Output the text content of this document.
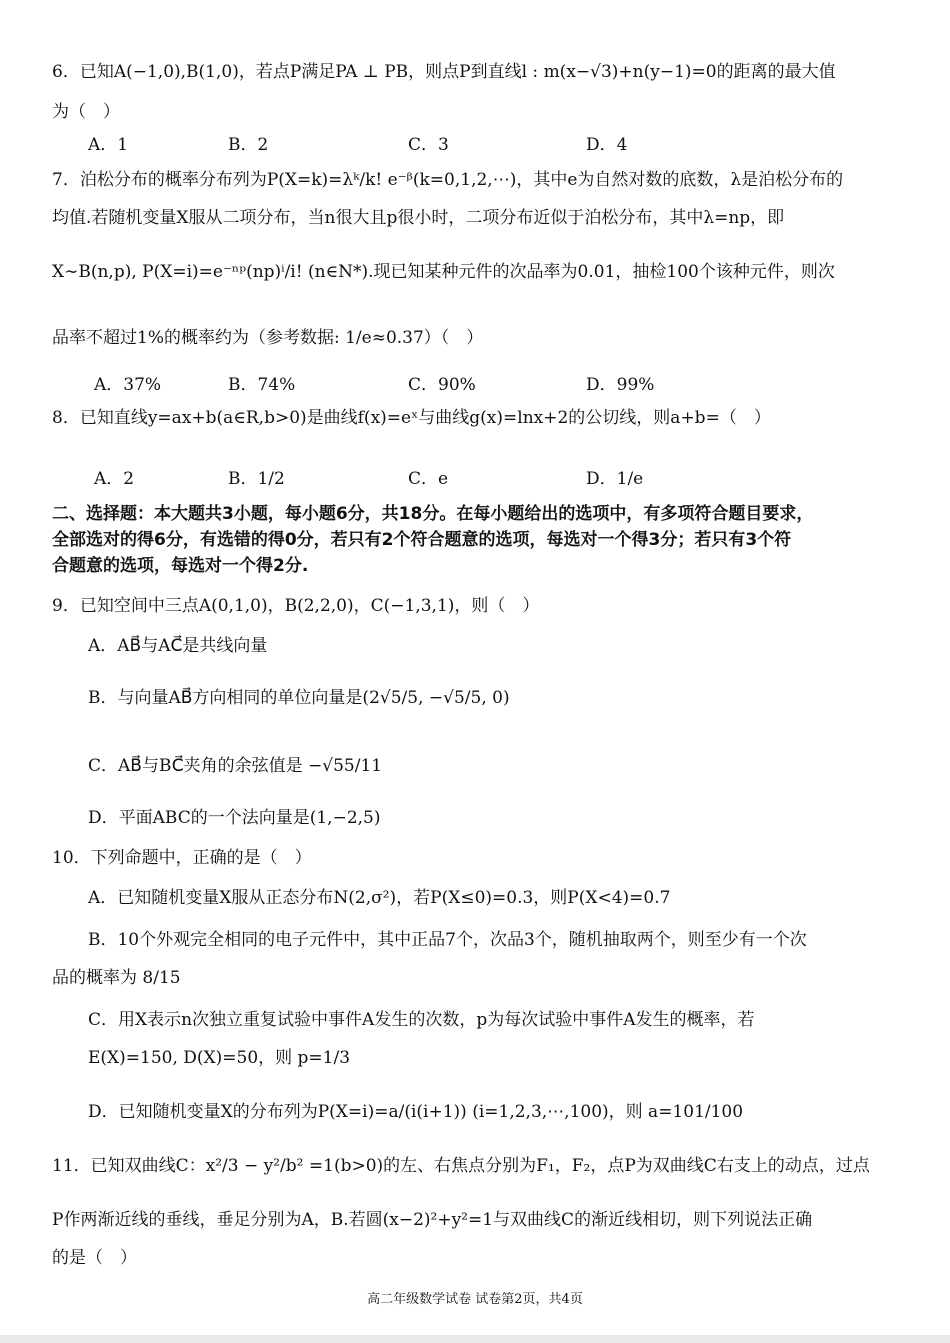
6．已知A(−1,0),B(1,0)，若点P满足PA ⊥ PB，则点P到直线l : m(x−√3)+n(y−1)=0的距离的最大值
为（　）
A．1	B．2	C．3	D．4
7．泊松分布的概率分布列为P(X=k)=λᵏ/k! e⁻ᵝ(k=0,1,2,⋯)，其中e为自然对数的底数，λ是泊松分布的
均值.若随机变量X服从二项分布，当n很大且p很小时，二项分布近似于泊松分布，其中λ=np，即
X∼B(n,p), P(X=i)=e⁻ⁿᵖ(np)ⁱ/i! (n∈N*).现已知某种元件的次品率为0.01，抽检100个该种元件，则次
品率不超过1%的概率约为（参考数据: 1/e≈0.37）（　）
A．37%	B．74%	C．90%	D．99%
8．已知直线y=ax+b(a∈R,b>0)是曲线f(x)=eˣ与曲线g(x)=lnx+2的公切线，则a+b=（　）
A．2	B．1/2	C．e	D．1/e
二、选择题：本大题共3小题，每小题6分，共18分。在每小题给出的选项中，有多项符合题目要求，
全部选对的得6分，有选错的得0分，若只有2个符合题意的选项，每选对一个得3分；若只有3个符
合题意的选项，每选对一个得2分.
9．已知空间中三点A(0,1,0)，B(2,2,0)，C(−1,3,1)，则（　）
A．AB⃗与AC⃗是共线向量
B．与向量AB⃗方向相同的单位向量是(2√5/5, −√5/5, 0)
C．AB⃗与BC⃗夹角的余弦值是 −√55/11
D．平面ABC的一个法向量是(1,−2,5)
10．下列命题中，正确的是（　）
A．已知随机变量X服从正态分布N(2,σ²)，若P(X≤0)=0.3，则P(X<4)=0.7
B．10个外观完全相同的电子元件中，其中正品7个，次品3个，随机抽取两个，则至少有一个次
品的概率为 8/15
C．用X表示n次独立重复试验中事件A发生的次数，p为每次试验中事件A发生的概率，若
E(X)=150, D(X)=50，则 p=1/3
D．已知随机变量X的分布列为P(X=i)=a/(i(i+1)) (i=1,2,3,⋯,100)，则 a=101/100
11．已知双曲线C：x²/3 − y²/b² =1(b>0)的左、右焦点分别为F₁，F₂，点P为双曲线C右支上的动点，过点
P作两渐近线的垂线，垂足分别为A，B.若圆(x−2)²+y²=1与双曲线C的渐近线相切，则下列说法正确
的是（　）
高二年级数学试卷 试卷第2页，共4页
